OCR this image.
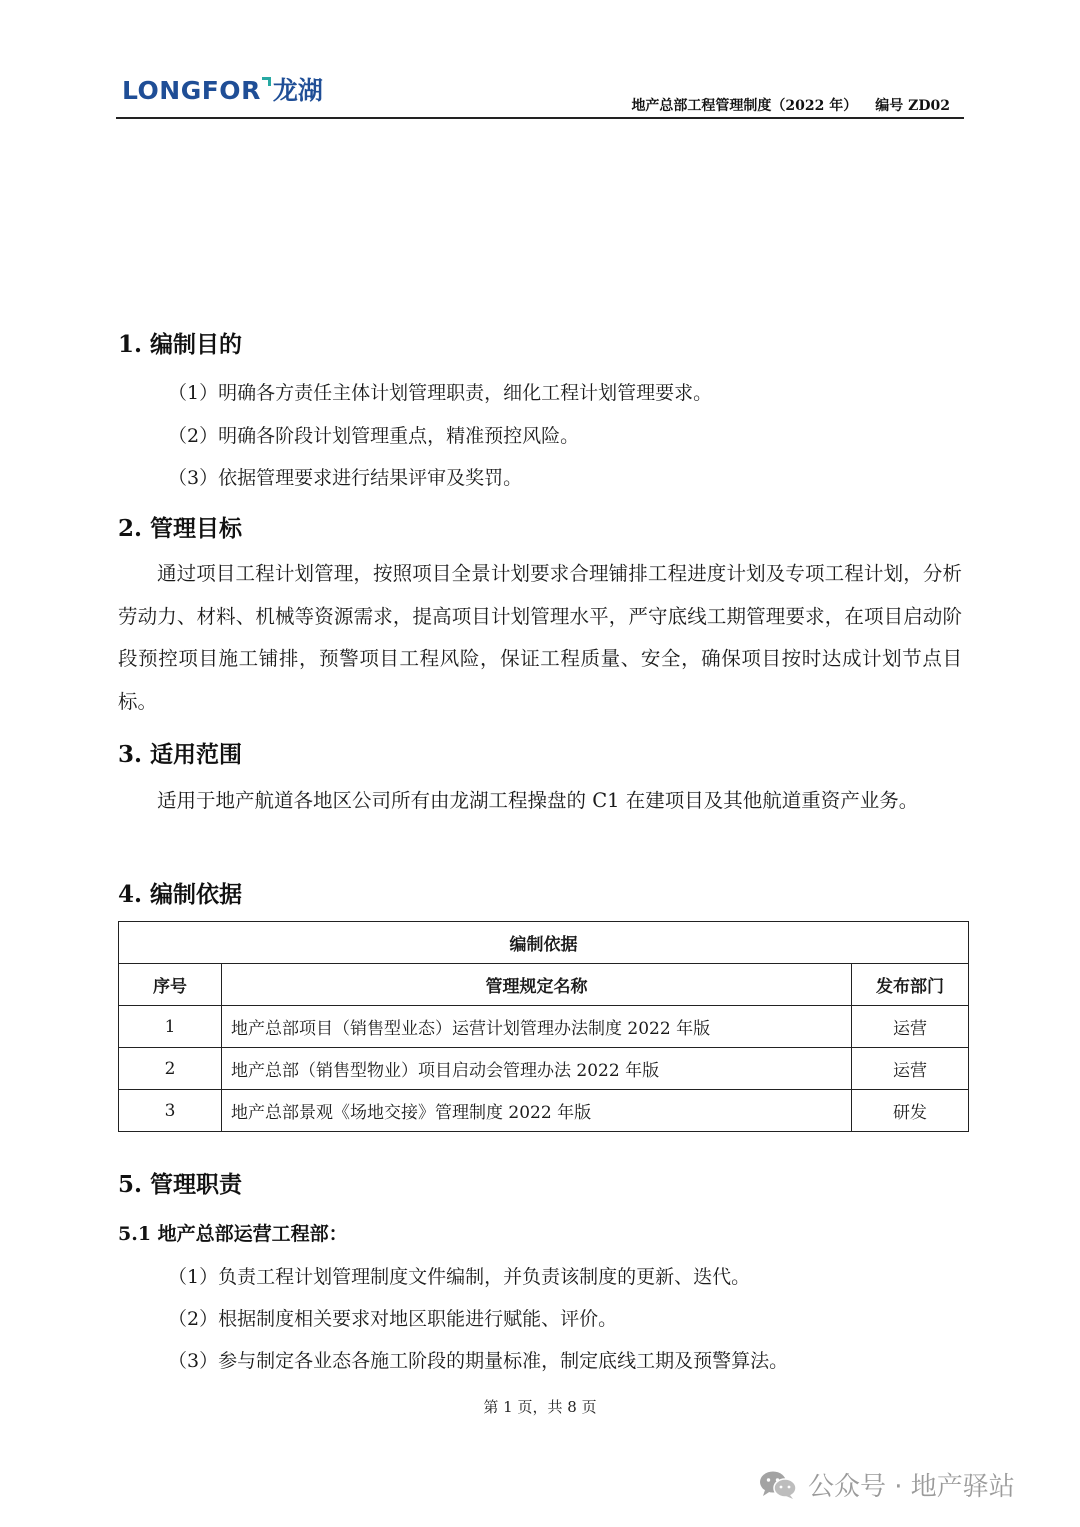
LONGFOR 龙湖
地产总部工程管理制度（2022 年） 编号 ZD02
1. 编制目的
（1）明确各方责任主体计划管理职责，细化工程计划管理要求。
（2）明确各阶段计划管理重点，精准预控风险。
（3）依据管理要求进行结果评审及奖罚。
2. 管理目标
通过项目工程计划管理，按照项目全景计划要求合理铺排工程进度计划及专项工程计划，分析劳动力、材料、机械等资源需求，提高项目计划管理水平，严守底线工期管理要求，在项目启动阶段预控项目施工铺排，预警项目工程风险，保证工程质量、安全，确保项目按时达成计划节点目标。
3. 适用范围
适用于地产航道各地区公司所有由龙湖工程操盘的 C1 在建项目及其他航道重资产业务。
4. 编制依据
编制依据		
序号	管理规定名称	发布部门
1	地产总部项目（销售型业态）运营计划管理办法制度 2022 年版	运营
2	地产总部（销售型物业）项目启动会管理办法 2022 年版	运营
3	地产总部景观《场地交接》管理制度 2022 年版	研发
5. 管理职责
5.1 地产总部运营工程部：
（1）负责工程计划管理制度文件编制，并负责该制度的更新、迭代。
（2）根据制度相关要求对地区职能进行赋能、评价。
（3）参与制定各业态各施工阶段的期量标准，制定底线工期及预警算法。
第 1 页，共 8 页
公众号 · 地产驿站
